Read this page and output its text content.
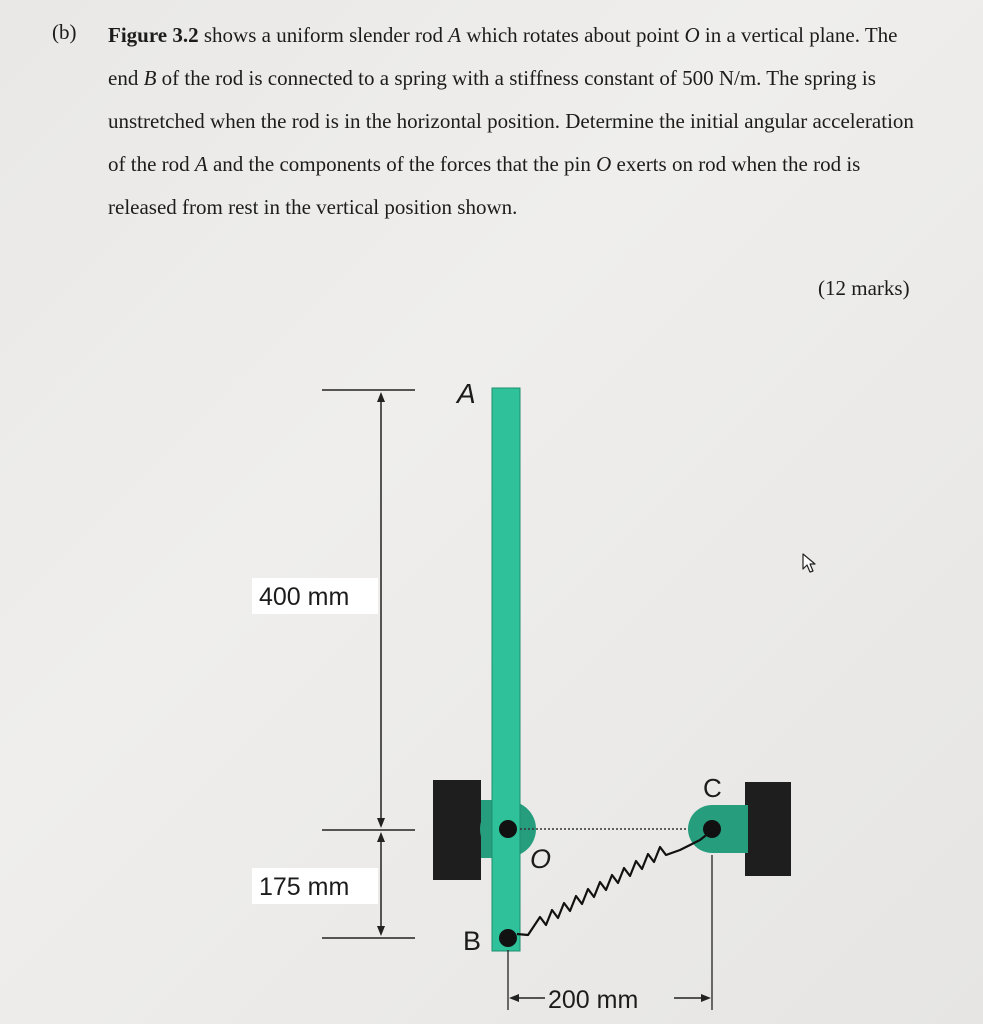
(b) Figure 3.2 shows a uniform slender rod A which rotates about point O in a vertical plane. The end B of the rod is connected to a spring with a stiffness constant of 500 N/m. The spring is unstretched when the rod is in the horizontal position. Determine the initial angular acceleration of the rod A and the components of the forces that the pin O exerts on rod when the rod is released from rest in the vertical position shown.
(12 marks)
400 mm
175 mm
200 mm
A
O
B
C
